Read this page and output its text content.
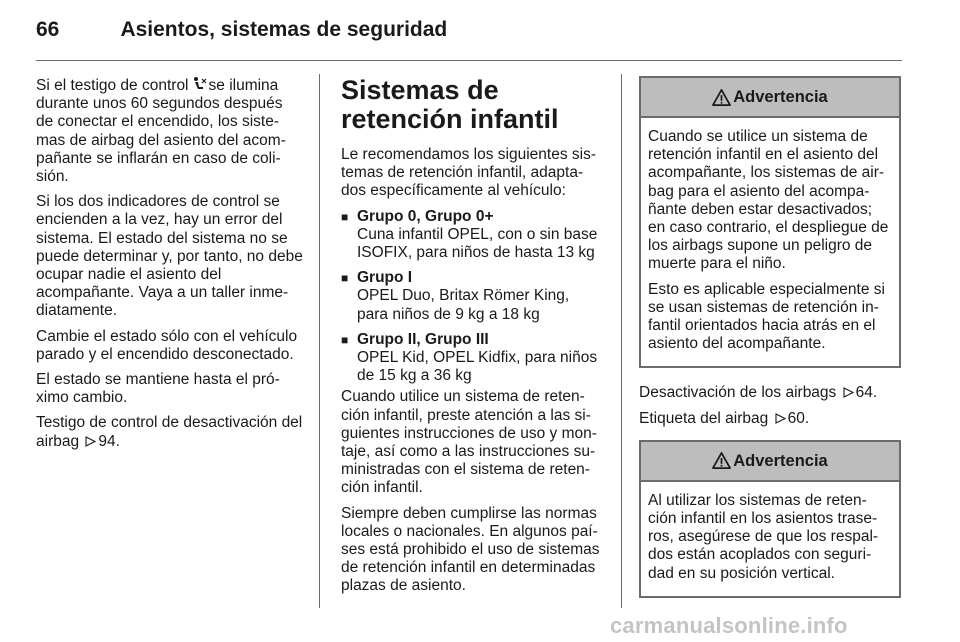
66	Asientos, sistemas de seguridad

Si el testigo de control se ilumina durante unos 60 segundos después de conectar el encendido, los siste‐mas de airbag del asiento del acom‐pañante se inflarán en caso de coli‐sión.

Si los dos indicadores de control se encienden a la vez, hay un error del sistema. El estado del sistema no se puede determinar y, por tanto, no debe ocupar nadie el asiento del acompañante. Vaya a un taller inme‐diatamente.

Cambie el estado sólo con el vehículo parado y el encendido desconectado.

El estado se mantiene hasta el pró‐ximo cambio.

Testigo de control de desactivación del airbag 94.

Sistemas de retención infantil

Le recomendamos los siguientes sis‐temas de retención infantil, adapta‐dos específicamente al vehículo:

■ Grupo 0, Grupo 0+
Cuna infantil OPEL, con o sin base ISOFIX, para niños de hasta 13 kg
■ Grupo I
OPEL Duo, Britax Römer King, para niños de 9 kg a 18 kg
■ Grupo II, Grupo III
OPEL Kid, OPEL Kidfix, para niños de 15 kg a 36 kg

Cuando utilice un sistema de reten‐ción infantil, preste atención a las si‐guientes instrucciones de uso y mon‐taje, así como a las instrucciones su‐ministradas con el sistema de reten‐ción infantil.

Siempre deben cumplirse las normas locales o nacionales. En algunos paí‐ses está prohibido el uso de sistemas de retención infantil en determinadas plazas de asiento.

Advertencia

Cuando se utilice un sistema de retención infantil en el asiento del acompañante, los sistemas de air‐bag para el asiento del acompa‐ñante deben estar desactivados; en caso contrario, el despliegue de los airbags supone un peligro de muerte para el niño.

Esto es aplicable especialmente si se usan sistemas de retención in‐fantil orientados hacia atrás en el asiento del acompañante.

Desactivación de los airbags 64.

Etiqueta del airbag 60.

Advertencia

Al utilizar los sistemas de reten‐ción infantil en los asientos trase‐ros, asegúrese de que los respal‐dos están acoplados con seguri‐dad en su posición vertical.

carmanualsonline.info
